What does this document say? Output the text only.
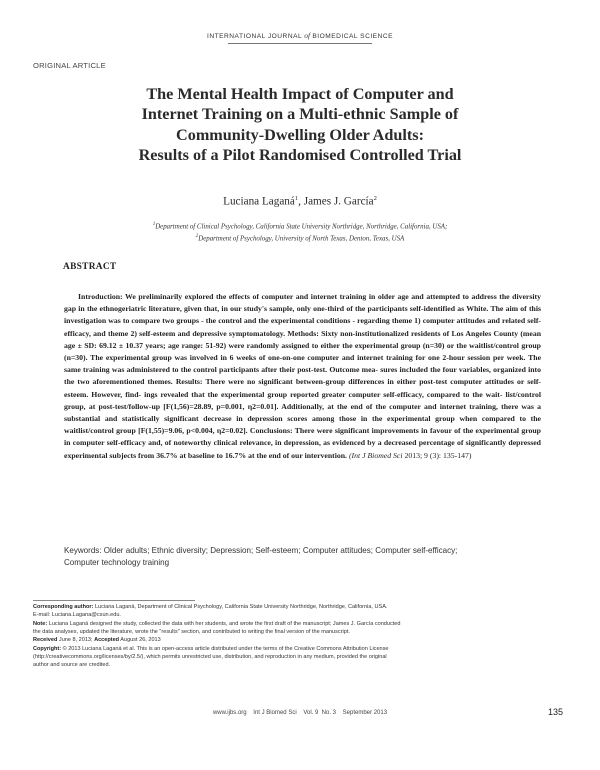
INTERNATIONAL JOURNAL of BIOMEDICAL SCIENCE
ORIGINAL ARTICLE
The Mental Health Impact of Computer and
Internet Training on a Multi-ethnic Sample of
Community-Dwelling Older Adults:
Results of a Pilot Randomised Controlled Trial
Luciana Laganá$^1$, James J. García$^2$
$^1$Department of Clinical Psychology, California State University Northridge, Northridge, California, USA;
$^2$Department of Psychology, University of North Texas, Denton, Texas, USA
ABSTRACT
Introduction: We preliminarily explored the effects of computer and internet training in older age and attempted to address the diversity gap in the ethnogeriatric literature, given that, in our study's sample, only one-third of the participants self-identified as White. The aim of this investigation was to compare two groups - the control and the experimental conditions - regarding theme 1) computer attitudes and related self-efficacy, and theme 2) self-esteem and depressive symptomatology. Methods: Sixty non-institutionalized residents of Los Angeles County (mean age ± SD: 69.12 ± 10.37 years; age range: 51-92) were randomly assigned to either the experimental group (n=30) or the waitlist/control group (n=30). The experimental group was involved in 6 weeks of one-on-one computer and internet training for one 2-hour session per week. The same training was administered to the control participants after their post-test. Outcome mea- sures included the four variables, organized into the two aforementioned themes. Results: There were no significant between-group differences in either post-test computer attitudes or self-esteem. However, find- ings revealed that the experimental group reported greater computer self-efficacy, compared to the wait- list/control group, at post-test/follow-up [F(1,56)=28.89, p=0.001, η2=0.01]. Additionally, at the end of the computer and internet training, there was a substantial and statistically significant decrease in depression scores among those in the experimental group when compared to the waitlist/control group [F(1,55)=9.06, p<0.004, η2=0.02]. Conclusions: There were significant improvements in favour of the experimental group in computer self-efficacy and, of noteworthy clinical relevance, in depression, as evidenced by a decreased percentage of significantly depressed experimental subjects from 36.7% at baseline to 16.7% at the end of our intervention. (Int J Biomed Sci 2013; 9 (3): 135-147)
Keywords: Older adults; Ethnic diversity; Depression; Self-esteem; Computer attitudes; Computer self-efficacy;
Computer technology training
Corresponding author: Luciana Laganá, Department of Clinical Psychology, California State University Northridge, Northridge, California, USA.
E-mail: Luciana.Lagana@csun.edu.
Note: Luciana Laganá designed the study, collected the data with her students, and wrote the first draft of the manuscript; James J. García conducted
the data analyses, updated the literature, wrote the "results" section, and contributed to writing the final version of the manuscript.
Received June 8, 2013; Accepted August 26, 2013
Copyright: © 2013 Luciana Laganá et al. This is an open-access article distributed under the terms of the Creative Commons Attribution License
(http://creativecommons.org/licenses/by/2.5/), which permits unrestricted use, distribution, and reproduction in any medium, provided the original
author and source are credited.
www.ijbs.org    Int J Biomed Sci    Vol. 9  No. 3    September 2013	135
